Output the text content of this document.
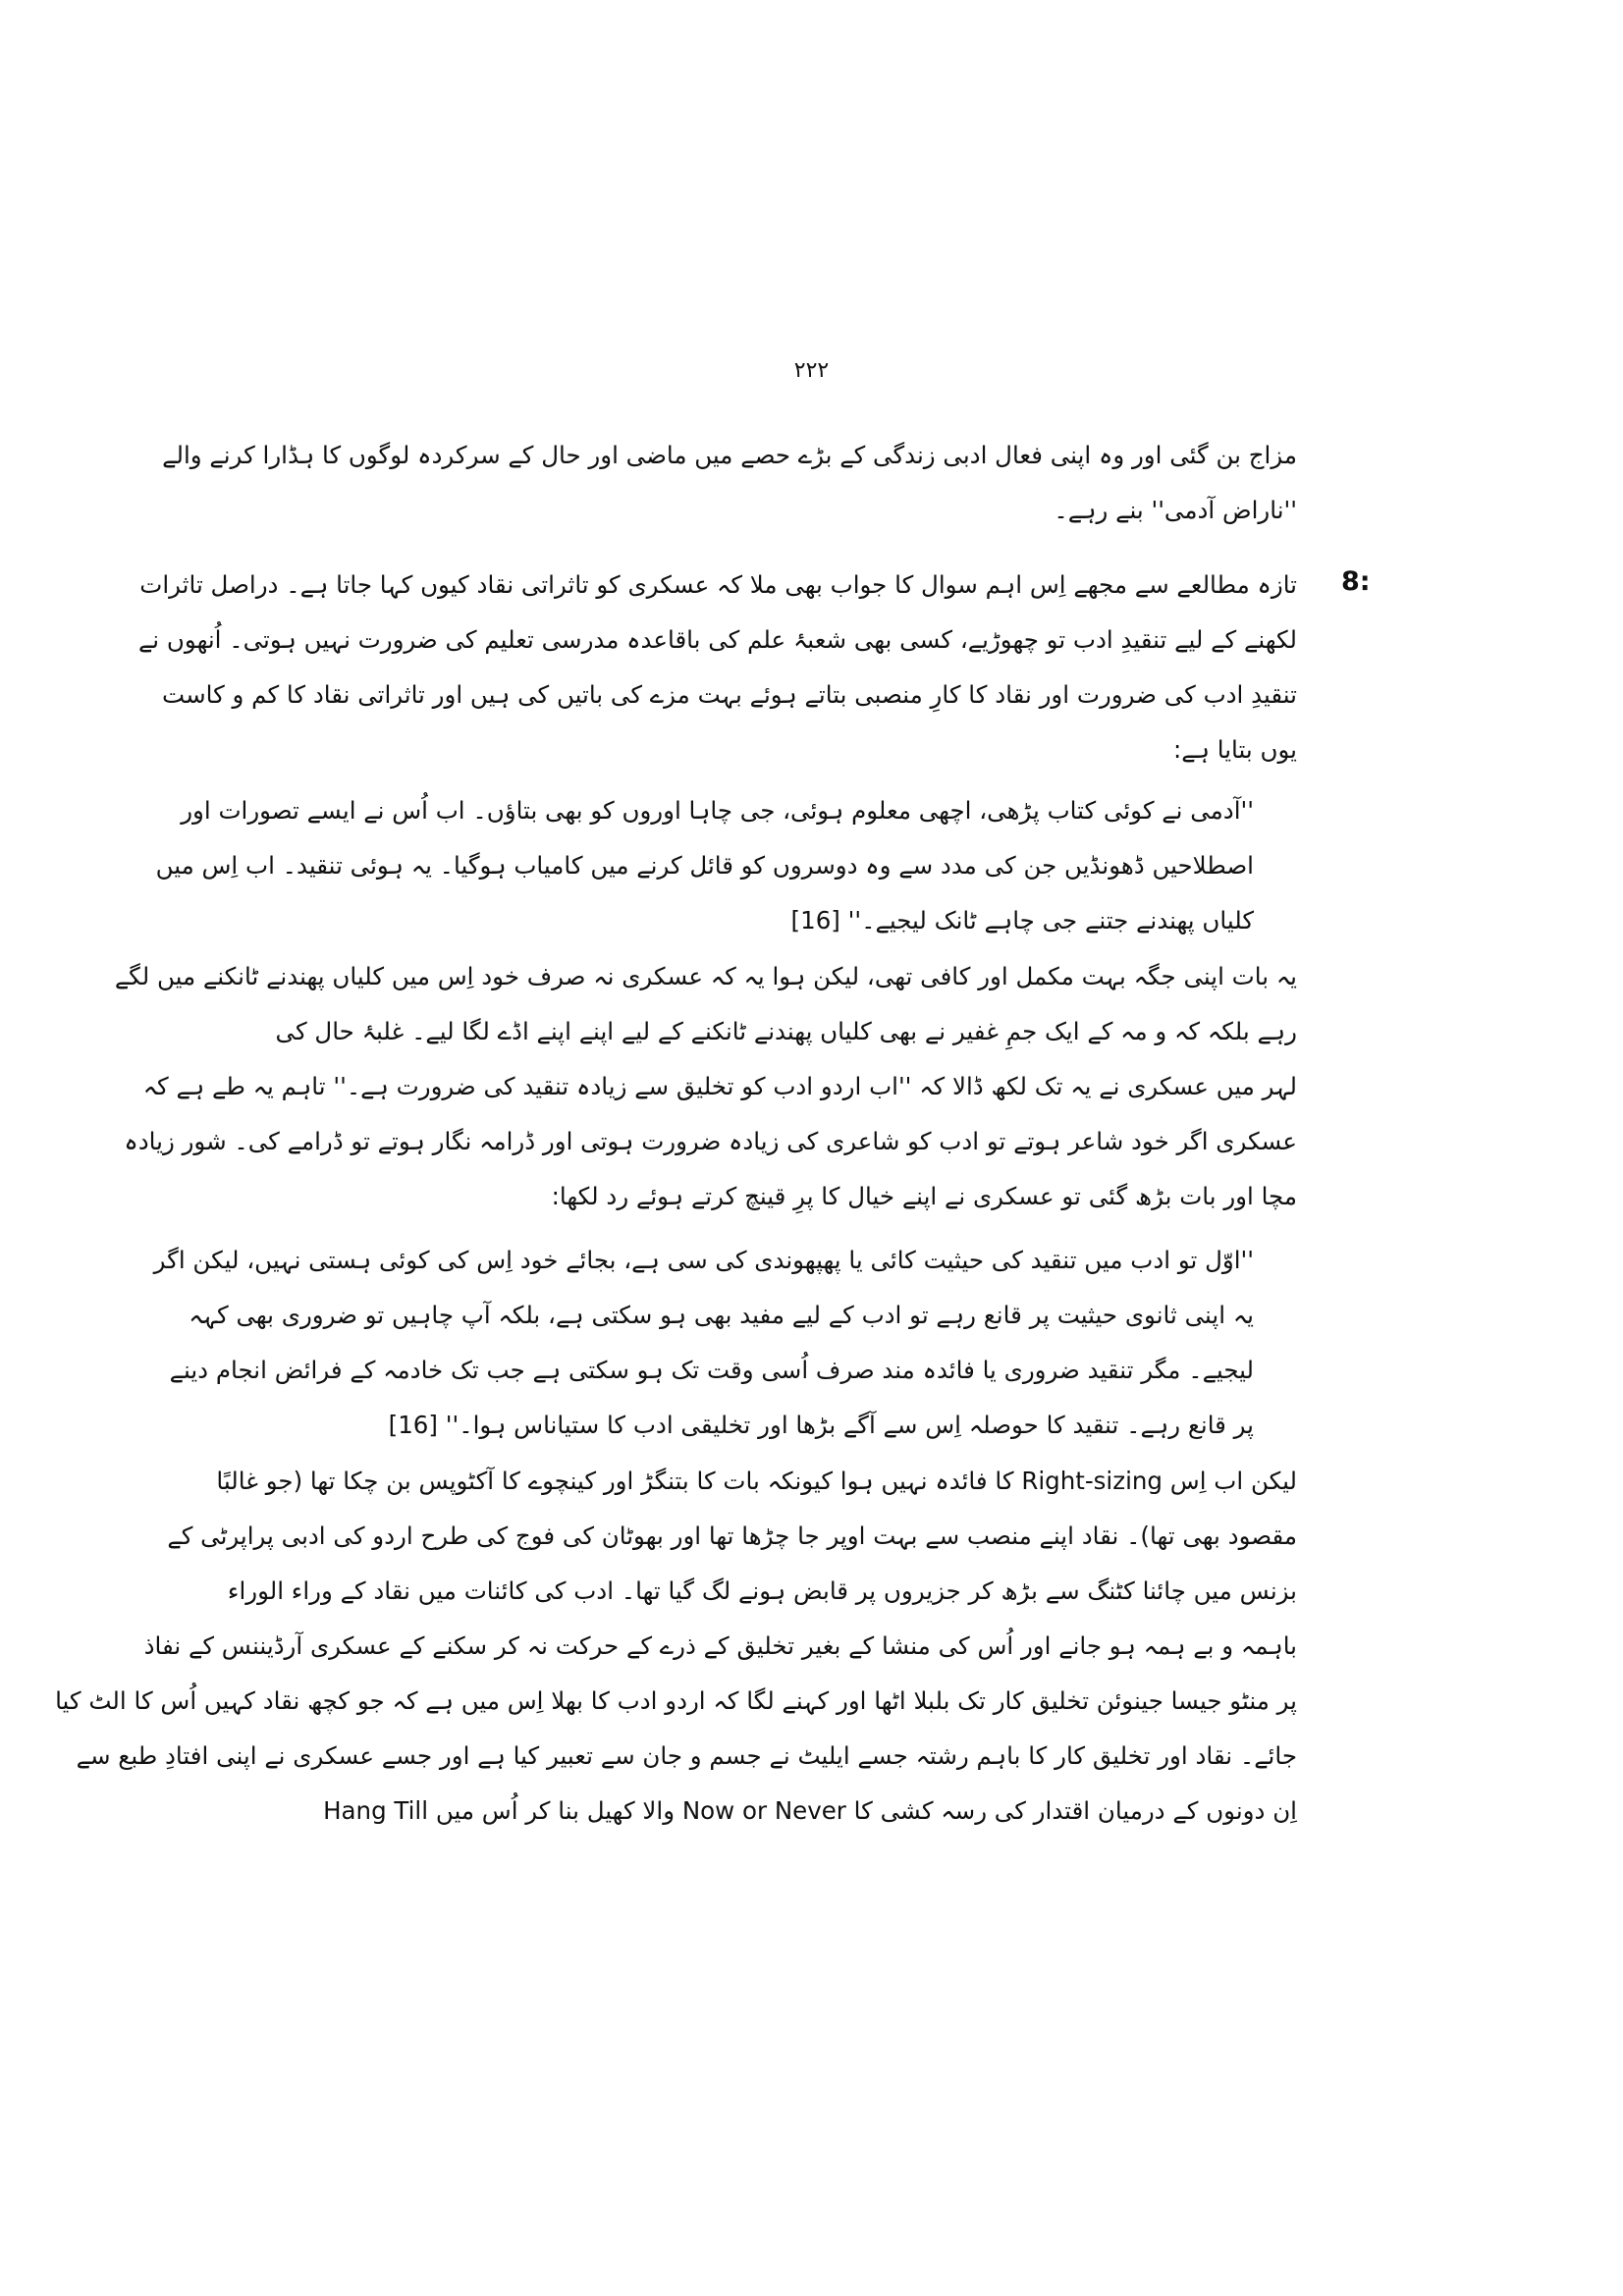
۲۲۲
8:
مزاج بن گئی اور وہ اپنی فعال ادبی زندگی کے بڑے حصے میں ماضی اور حال کے سرکردہ لوگوں کا ہڈارا کرنے والے
''ناراض آدمی'' بنے رہے۔
تازہ مطالعے سے مجھے اِس اہم سوال کا جواب بھی ملا کہ عسکری کو تاثراتی نقاد کیوں کہا جاتا ہے۔ دراصل تاثرات
لکھنے کے لیے تنقیدِ ادب تو چھوڑیے، کسی بھی شعبۂ علم کی باقاعدہ مدرسی تعلیم کی ضرورت نہیں ہوتی۔ اُنھوں نے
تنقیدِ ادب کی ضرورت اور نقاد کا کارِ منصبی بتاتے ہوئے بہت مزے کی باتیں کی ہیں اور تاثراتی نقاد کا کم و کاست
یوں بتایا ہے:
''آدمی نے کوئی کتاب پڑھی، اچھی معلوم ہوئی، جی چاہا اوروں کو بھی بتاؤں۔ اب اُس نے ایسے تصورات اور
اصطلاحیں ڈھونڈیں جن کی مدد سے وہ دوسروں کو قائل کرنے میں کامیاب ہوگیا۔ یہ ہوئی تنقید۔ اب اِس میں
کلیاں پھندنے جتنے جی چاہے ٹانک لیجیے۔'' [16]
یہ بات اپنی جگہ بہت مکمل اور کافی تھی، لیکن ہوا یہ کہ عسکری نہ صرف خود اِس میں کلیاں پھندنے ٹانکنے میں لگے
رہے بلکہ کہ و مہ کے ایک جمِ غفیر نے بھی کلیاں پھندنے ٹانکنے کے لیے اپنے اپنے اڈے لگا لیے۔ غلبۂ حال کی
لہر میں عسکری نے یہ تک لکھ ڈالا کہ ''اب اردو ادب کو تخلیق سے زیادہ تنقید کی ضرورت ہے۔'' تاہم یہ طے ہے کہ
عسکری اگر خود شاعر ہوتے تو ادب کو شاعری کی زیادہ ضرورت ہوتی اور ڈرامہ نگار ہوتے تو ڈرامے کی۔ شور زیادہ
مچا اور بات بڑھ گئی تو عسکری نے اپنے خیال کا پرِ قینچ کرتے ہوئے رد لکھا:
''اوّل تو ادب میں تنقید کی حیثیت کائی یا پھپھوندی کی سی ہے، بجائے خود اِس کی کوئی ہستی نہیں، لیکن اگر
یہ اپنی ثانوی حیثیت پر قانع رہے تو ادب کے لیے مفید بھی ہو سکتی ہے، بلکہ آپ چاہیں تو ضروری بھی کہہ
لیجیے۔ مگر تنقید ضروری یا فائدہ مند صرف اُسی وقت تک ہو سکتی ہے جب تک خادمہ کے فرائض انجام دینے
پر قانع رہے۔ تنقید کا حوصلہ اِس سے آگے بڑھا اور تخلیقی ادب کا ستیاناس ہوا۔'' [16]
لیکن اب اِس Right-sizing کا فائدہ نہیں ہوا کیونکہ بات کا بتنگڑ اور کینچوے کا آکٹوپس بن چکا تھا (جو غالبًا
مقصود بھی تھا)۔ نقاد اپنے منصب سے بہت اوپر جا چڑھا تھا اور بھوٹان کی فوج کی طرح اردو کی ادبی پراپرٹی کے
بزنس میں چائنا کٹنگ سے بڑھ کر جزیروں پر قابض ہونے لگ گیا تھا۔ ادب کی کائنات میں نقاد کے وراء الوراء
باہمہ و بے ہمہ ہو جانے اور اُس کی منشا کے بغیر تخلیق کے ذرے کے حرکت نہ کر سکنے کے عسکری آرڈیننس کے نفاذ
پر منٹو جیسا جینوئن تخلیق کار تک بلبلا اٹھا اور کہنے لگا کہ اردو ادب کا بھلا اِس میں ہے کہ جو کچھ نقاد کہیں اُس کا الٹ کیا
جائے۔ نقاد اور تخلیق کار کا باہم رشتہ جسے ایلیٹ نے جسم و جان سے تعبیر کیا ہے اور جسے عسکری نے اپنی افتادِ طبع سے
اِن دونوں کے درمیان اقتدار کی رسہ کشی کا Now or Never والا کھیل بنا کر اُس میں Hang Till
